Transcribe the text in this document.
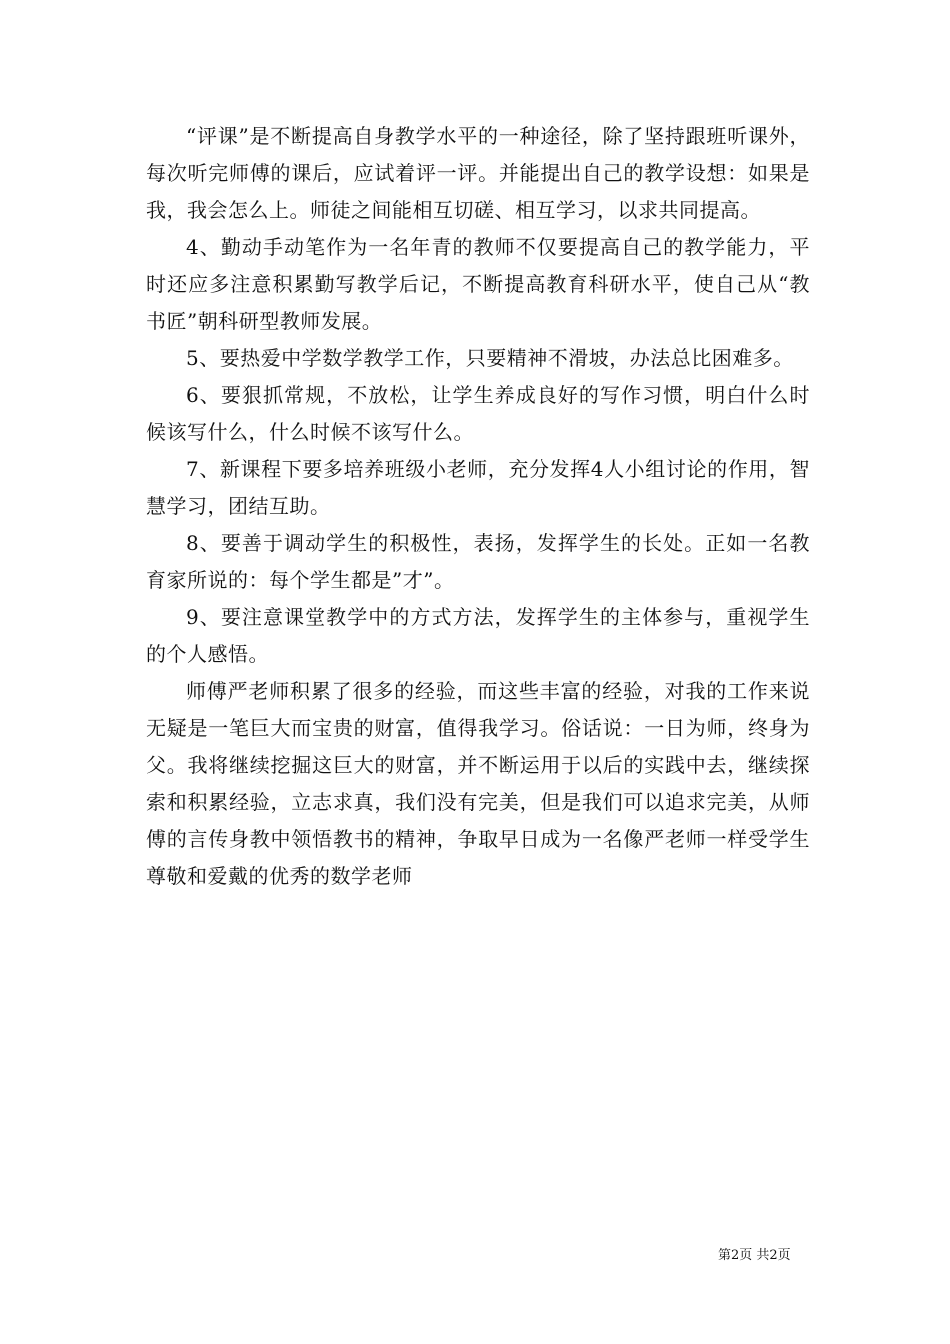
“评课”是不断提高自身教学水平的一种途径，除了坚持跟班听课外，每次听完师傅的课后，应试着评一评。并能提出自己的教学设想：如果是我，我会怎么上。师徒之间能相互切磋、相互学习，以求共同提高。

4、勤动手动笔作为一名年青的教师不仅要提高自己的教学能力，平时还应多注意积累勤写教学后记，不断提高教育科研水平，使自己从“教书匠”朝科研型教师发展。

5、要热爱中学数学教学工作，只要精神不滑坡，办法总比困难多。

6、要狠抓常规，不放松，让学生养成良好的写作习惯，明白什么时候该写什么，什么时候不该写什么。

7、新课程下要多培养班级小老师，充分发挥4人小组讨论的作用，智慧学习，团结互助。

8、要善于调动学生的积极性，表扬，发挥学生的长处。正如一名教育家所说的：每个学生都是”才”。

9、要注意课堂教学中的方式方法，发挥学生的主体参与，重视学生的个人感悟。

师傅严老师积累了很多的经验，而这些丰富的经验，对我的工作来说无疑是一笔巨大而宝贵的财富，值得我学习。俗话说：一日为师，终身为父。我将继续挖掘这巨大的财富，并不断运用于以后的实践中去，继续探索和积累经验，立志求真，我们没有完美，但是我们可以追求完美，从师傅的言传身教中领悟教书的精神，争取早日成为一名像严老师一样受学生尊敬和爱戴的优秀的数学老师

第2页 共2页
